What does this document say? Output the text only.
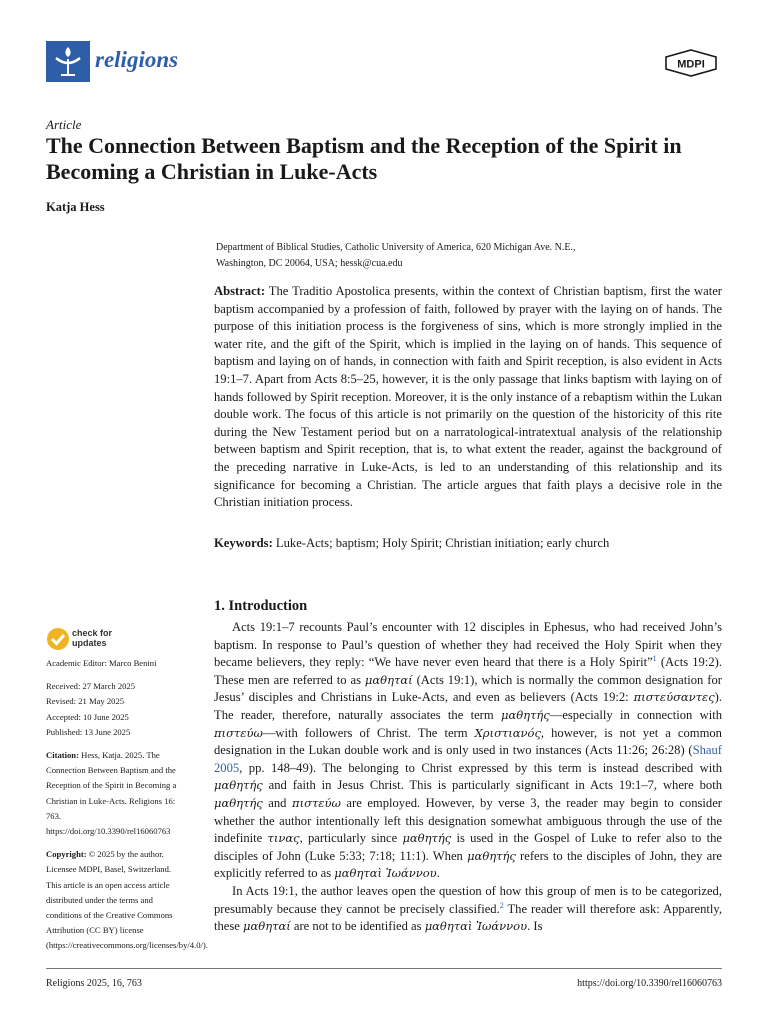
religions	MDPI
Article
The Connection Between Baptism and the Reception of the Spirit in Becoming a Christian in Luke-Acts
Katja Hess
Department of Biblical Studies, Catholic University of America, 620 Michigan Ave. N.E.,
Washington, DC 20064, USA; hessk@cua.edu
Abstract: The Traditio Apostolica presents, within the context of Christian baptism, first the water baptism accompanied by a profession of faith, followed by prayer with the laying on of hands. The purpose of this initiation process is the forgiveness of sins, which is more strongly implied in the water rite, and the gift of the Spirit, which is implied in the laying on of hands. This sequence of baptism and laying on of hands, in connection with faith and Spirit reception, is also evident in Acts 19:1–7. Apart from Acts 8:5–25, however, it is the only passage that links baptism with laying on of hands followed by Spirit reception. Moreover, it is the only instance of a rebaptism within the Lukan double work. The focus of this article is not primarily on the question of the historicity of this rite during the New Testament period but on a narratological-intratextual analysis of the relationship between baptism and Spirit reception, that is, to what extent the reader, against the background of the preceding narrative in Luke-Acts, is led to an understanding of this relationship and its significance for becoming a Christian. The article argues that faith plays a decisive role in the Christian initiation process.
Keywords: Luke-Acts; baptism; Holy Spirit; Christian initiation; early church
1. Introduction

Acts 19:1–7 recounts Paul’s encounter with 12 disciples in Ephesus, who had received John’s baptism. In response to Paul’s question of whether they had received the Holy Spirit when they became believers, they reply: “We have never even heard that there is a Holy Spirit”$^1$ (Acts 19:2). These men are referred to as μαθηταί (Acts 19:1), which is normally the common designation for Jesus’ disciples and Christians in Luke-Acts, and even as believers (Acts 19:2: πιστεύσαντες). The reader, therefore, naturally associates the term μαθητής—especially in connection with πιστεύω—with followers of Christ. The term Χριστιανός, however, is not yet a common designation in the Lukan double work and is only used in two instances (Acts 11:26; 26:28) (Shauf 2005, pp. 148–49). The belonging to Christ expressed by this term is instead described with μαθητής and faith in Jesus Christ. This is particularly significant in Acts 19:1–7, where both μαθητής and πιστεύω are employed. However, by verse 3, the reader may begin to consider whether the author intentionally left this designation somewhat ambiguous through the use of the indefinite τινας, particularly since μαθητής is used in the Gospel of Luke to refer also to the disciples of John (Luke 5:33; 7:18; 11:1). When μαθητής refers to the disciples of John, they are explicitly referred to as μαθηταὶ Ἰωάννου.

In Acts 19:1, the author leaves open the question of how this group of men is to be categorized, presumably because they cannot be precisely classified.$^2$ The reader will therefore ask: Apparently, these μαθηταί are not to be identified as μαθηταὶ Ἰωάννου. Is

check for
updates
Academic Editor: Marco Benini
Received: 27 March 2025
Revised: 21 May 2025
Accepted: 10 June 2025
Published: 13 June 2025
Citation: Hess, Katja. 2025. The Connection Between Baptism and the Reception of the Spirit in Becoming a Christian in Luke-Acts. Religions 16: 763. https://doi.org/10.3390/rel16060763
Copyright: © 2025 by the author. Licensee MDPI, Basel, Switzerland. This article is an open access article distributed under the terms and conditions of the Creative Commons Attribution (CC BY) license (https://creativecommons.org/licenses/by/4.0/).
Religions 2025, 16, 763	https://doi.org/10.3390/rel16060763
